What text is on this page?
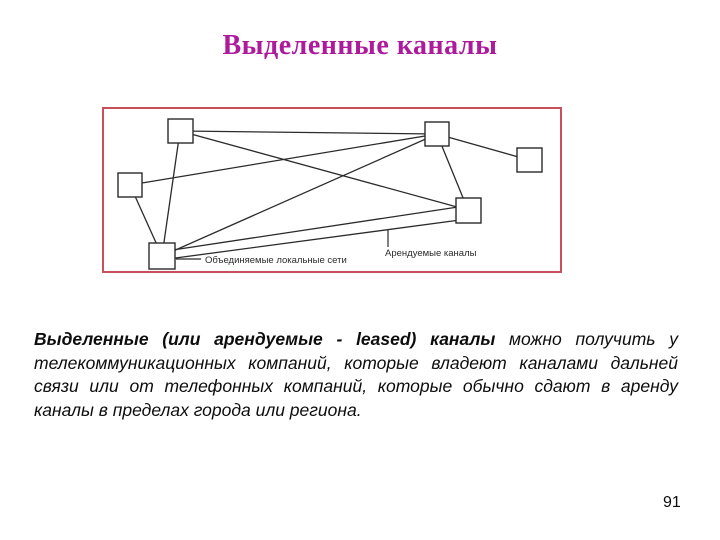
Выделенные каналы
Объединяемые локальные сети
Арендуемые каналы
Выделенные (или арендуемые - leased) каналы можно получить у
телекоммуникационных компаний, которые владеют каналами дальней
связи или от телефонных компаний, которые обычно сдают в аренду
каналы в пределах города или региона.
91
